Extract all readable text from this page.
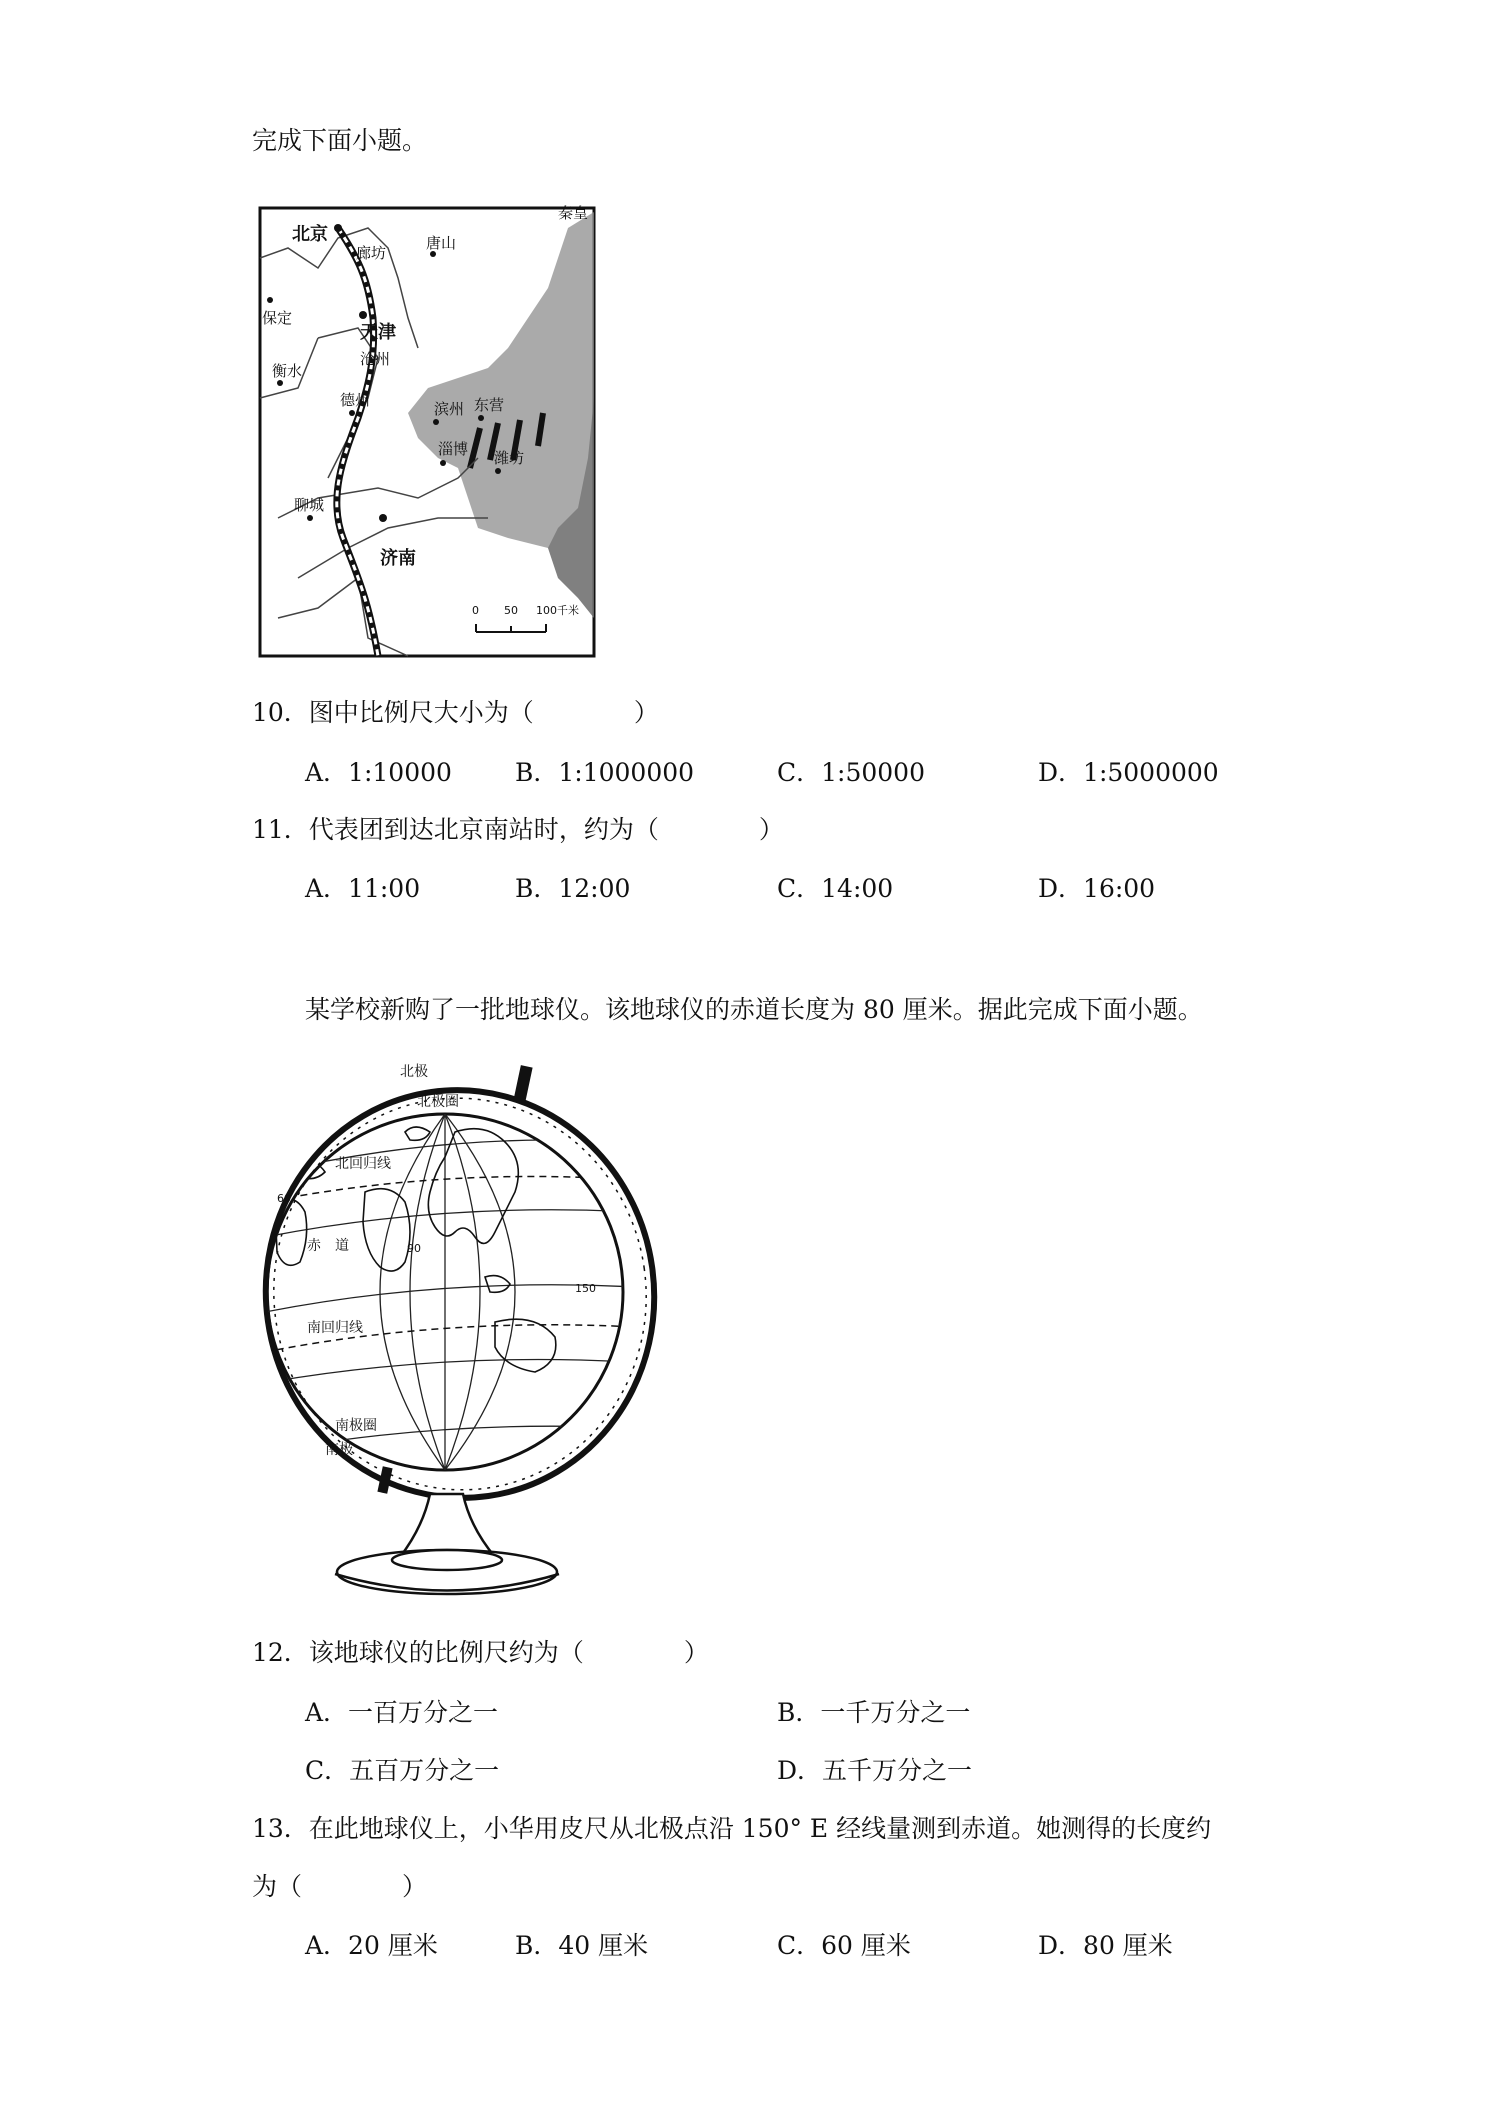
完成下面小题。
北京
廊坊
唐山
秦皇
保定
天津
沧州
衡水
德州	滨州 东营
淄博 潍坊
聊城
济南
0 50 100千米
10．图中比例尺大小为（　　　　）
A．1:10000	B．1:1000000	C．1:50000	D．1:5000000
11．代表团到达北京南站时，约为（　　　　）
A．11:00	B．12:00	C．14:00	D．16:00
某学校新购了一批地球仪。该地球仪的赤道长度为 80 厘米。据此完成下面小题。
北极
北极圈
北回归线
赤　道
南回归线
南极圈
南极
90
150
60
12．该地球仪的比例尺约为（　　　　）
A．一百万分之一	B．一千万分之一
C．五百万分之一	D．五千万分之一
13．在此地球仪上，小华用皮尺从北极点沿 150° E 经线量测到赤道。她测得的长度约
为（　　　　）
A．20 厘米	B．40 厘米	C．60 厘米	D．80 厘米
